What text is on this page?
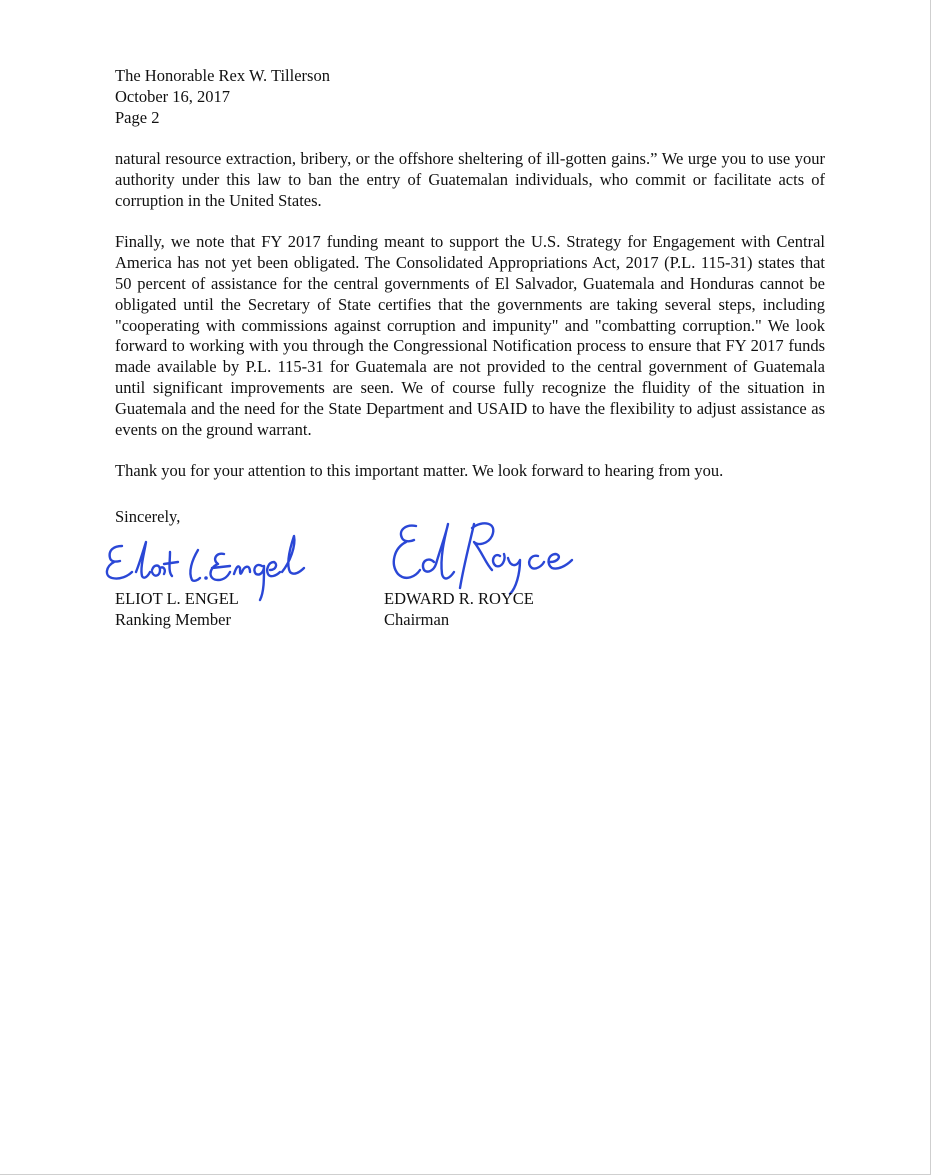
The Honorable Rex W. Tillerson
October 16, 2017
Page 2

natural resource extraction, bribery, or the offshore sheltering of ill-gotten gains.” We urge you to use your authority under this law to ban the entry of Guatemalan individuals, who commit or facilitate acts of corruption in the United States.

Finally, we note that FY 2017 funding meant to support the U.S. Strategy for Engagement with Central America has not yet been obligated. The Consolidated Appropriations Act, 2017 (P.L. 115-31) states that 50 percent of assistance for the central governments of El Salvador, Guatemala and Honduras cannot be obligated until the Secretary of State certifies that the governments are taking several steps, including "cooperating with commissions against corruption and impunity" and "combatting corruption." We look forward to working with you through the Congressional Notification process to ensure that FY 2017 funds made available by P.L. 115-31 for Guatemala are not provided to the central government of Guatemala until significant improvements are seen. We of course fully recognize the fluidity of the situation in Guatemala and the need for the State Department and USAID to have the flexibility to adjust assistance as events on the ground warrant.

Thank you for your attention to this important matter. We look forward to hearing from you.

Sincerely,
ELIOT L. ENGEL
Ranking Member
EDWARD R. ROYCE
Chairman
